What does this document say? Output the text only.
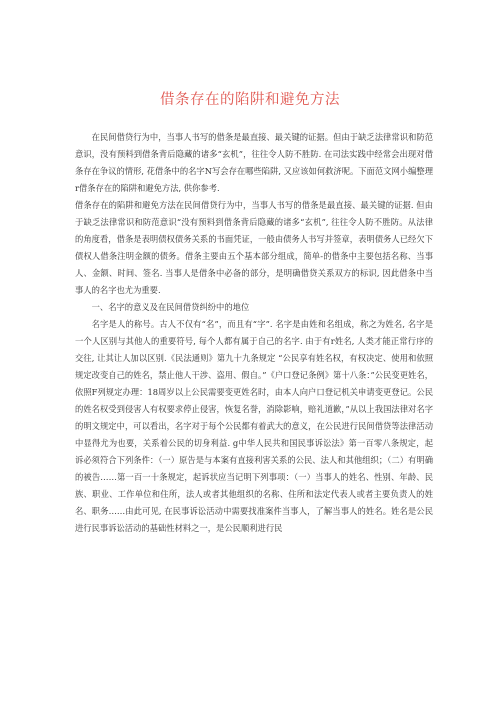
借条存在的陷阱和避免方法

在民间借贷行为中，当事人书写的借条是最直接、最关键的证据。但由于缺乏法律常识和防范意识，没有预料到借条背后隐藏的诸多“玄机”，往往令人防不胜防. 在司法实践中经常会出现对借条存在争议的情形, 花借条中的名字N写会存在哪些陷阱, 又应该如何救济呢。下面范文网小编整理r借条存在的陷阱和避免方法, 供你参考.

借条存在的陷阱和避免方法在民间借贷行为中，当事人书写的借条是最直接、最关键的证据. 但由于缺乏法律常识和防范意识“没有预料到借条背后隐藏的诸多“玄机”, 往往令人防不胜防。从法律的角度看，借条是表明债权债务关系的书面凭证，一般由债务人书写并签章，表明债务人已经欠下债权人借条注明金额的债务。借条主要由五个基本部分组成，简单-的借条中主要包括名称、当事人、金额、时间、签名. 当事人是借条中必备的部分，是明确借贷关系双方的标识, 因此借条中当事人的名字也尤为重要.

一、名字的意义及在民间借贷纠纷中的地位

名字是人的称号。古人不仅有“名”，而且有“字”. 名字是由姓和名组成，称之为姓名, 名字是一个人区别与其他人的重要符号, 每个人都有属于自己的名字. 由于有r姓名, 人类才能正常行序的交往, 让其让人加以区别.《民法通则》第九十九条规定 “公民享有姓名权，有权决定、使用和依照规定改变自己的姓名，禁止他人干涉、盗用、假自。”《户口登记条例》第十八条：”公民变更姓名，依照F列规定办理：18周岁以上公民需要变更姓名时，由本人向户口登记机关申请变更登记。公民的姓名权受到侵害人有权要求停止侵害，恢复名誉，消除影响，赔礼道歉，”从以上我国法律对名字的明文规定中，可以看出，名字对于每个公民都有着武大的意义，在公民进行民间借贷等法律活动中显得尤为也要，关系着公民的切身利益. g中华人民共和国民事诉讼法》第一百零八条规定，起诉必须符合下列条件：（一）原告是与本案有直接利害关系的公民、法人和其他组织；（二）有明确的被告……第一百一十条规定，起诉状应当记明下列事项：（一）当事人的姓名、性别、年龄、民族、职业、工作单位和住所，法人或者其他组织的名称、住所和法定代表人或者主要负责人的姓名、职务……由此可见, 在民事诉讼活动中需要找准案件当事人，了解当事人的姓名。姓名是公民进行民事诉讼活动的基础性材料之一，是公民顺利进行民
